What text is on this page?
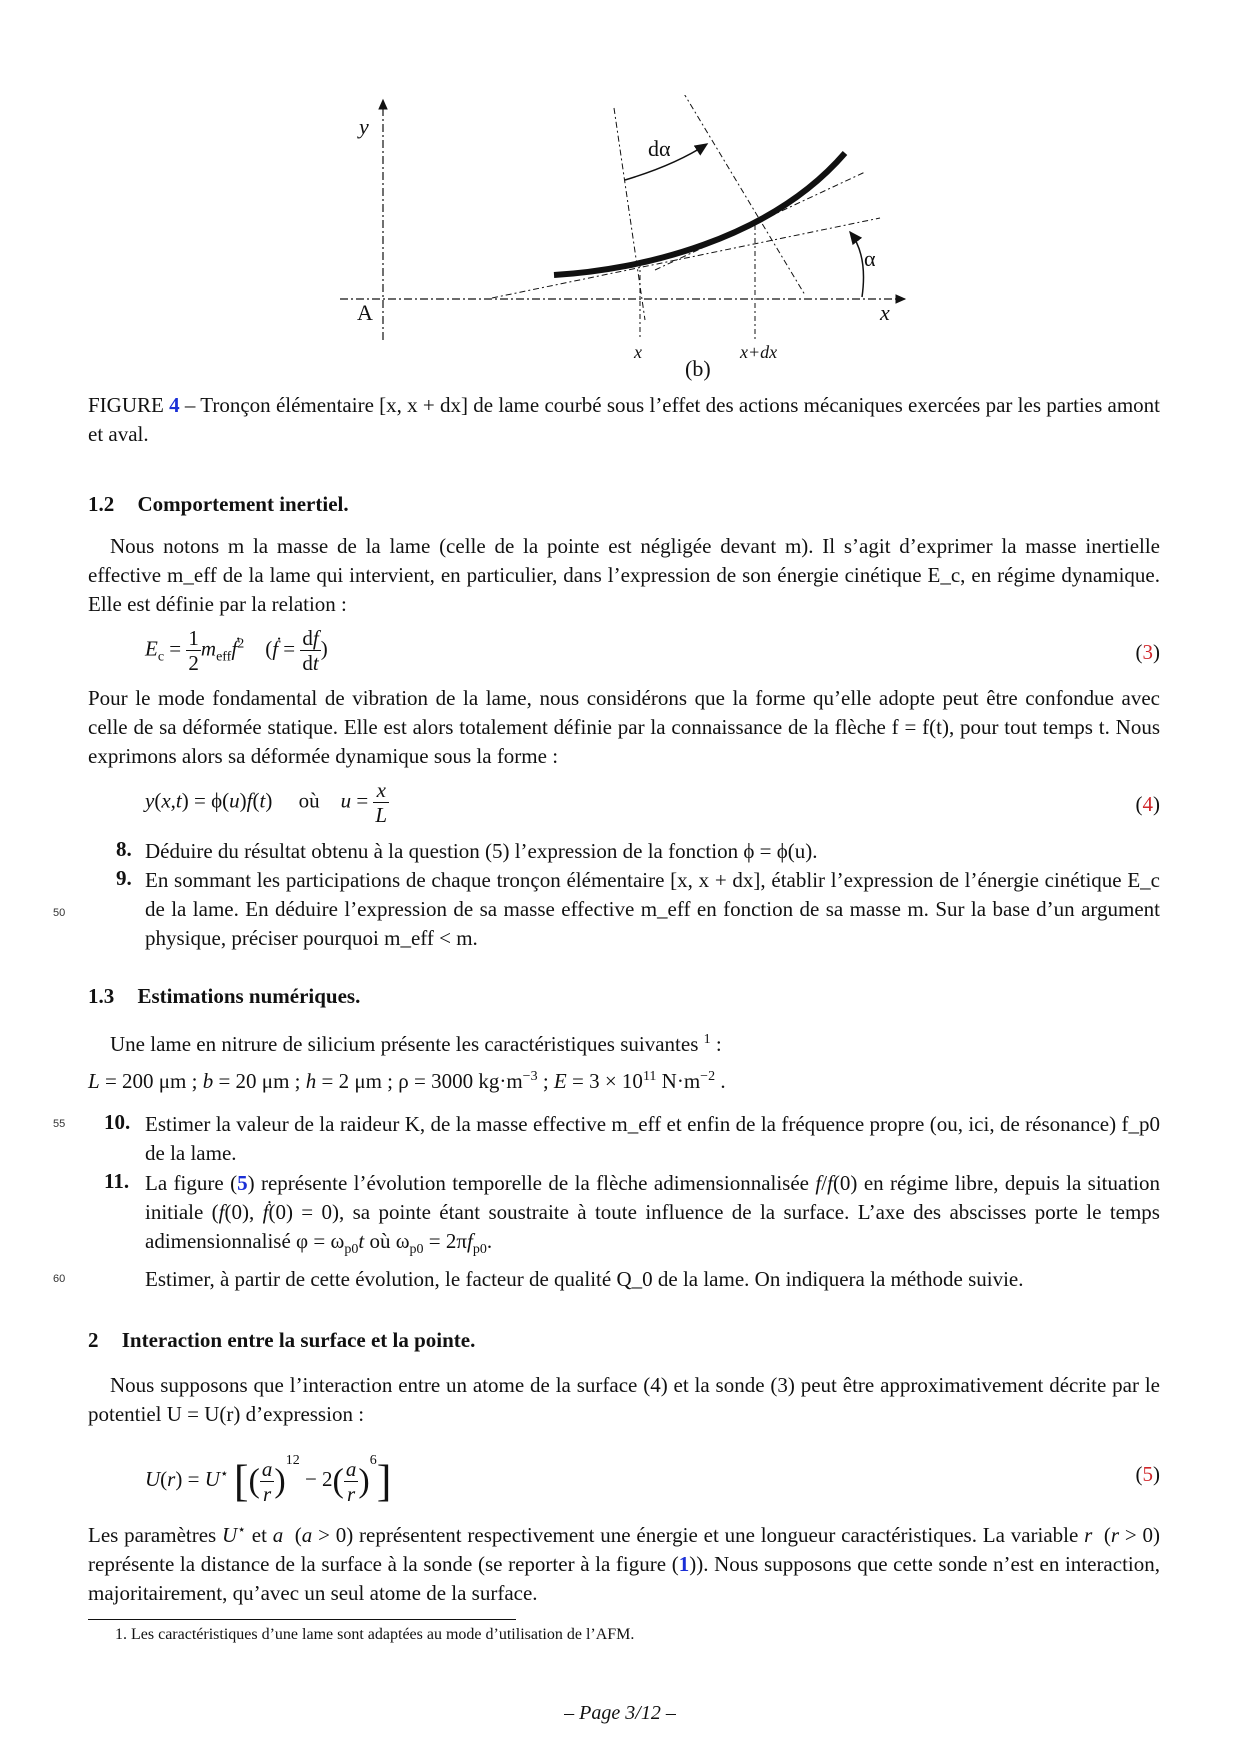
y
A	x
dα
α
x	x+dx
(b)
FIGURE 4 – Tronçon élémentaire [x, x + dx] de lame courbé sous l’effet des actions mécaniques exercées par les parties amont et aval.
1.2 Comportement inertiel.
Nous notons m la masse de la lame (celle de la pointe est négligée devant m). Il s’agit d’exprimer la masse inertielle effective m_eff de la lame qui intervient, en particulier, dans l’expression de son énergie cinétique E_c, en régime dynamique. Elle est définie par la relation :
$E_c = \frac{1}{2}$ $m_{eff}ḟ^2$    (ḟ = $\frac{df}{dt}$ )	(3)
Pour le mode fondamental de vibration de la lame, nous considérons que la forme qu’elle adopte peut être confondue avec celle de sa déformée statique. Elle est alors totalement définie par la connaissance de la flèche f = f(t), pour tout temps t. Nous exprimons alors sa déformée dynamique sous la forme :
y(x,t) = ϕ(u)f(t)     où    $u = \frac{x}{L}$	(4)
8. Déduire du résultat obtenu à la question (5) l’expression de la fonction ϕ = ϕ(u).
9. En sommant les participations de chaque tronçon élémentaire [x, x + dx], établir l’expression de l’énergie cinétique E_c de la lame. En déduire l’expression de sa masse effective m_eff en fonction de sa masse m. Sur la base d’un argument physique, préciser pourquoi m_eff < m.
50
1.3 Estimations numériques.
Une lame en nitrure de silicium présente les caractéristiques suivantes $^1$ :
L = 200 μm ; b = 20 μm ; h = 2 μm ; ρ = 3000 $kg\cdot m^{-3}$ ; $E = 3 \times 10^{11}$ $N\cdot m^{-2}$ .
55 10. Estimer la valeur de la raideur K, de la masse effective m_eff et enfin de la fréquence propre (ou, ici, de résonance) f_p0 de la lame.
11. La figure (5) représente l’évolution temporelle de la flèche adimensionnalisée f/f(0) en régime libre, depuis la situation initiale (f(0), ḟ(0) = 0), sa pointe étant soustraite à toute influence de la surface. L’axe des abscisses porte le temps adimensionnalisé $\varphi = \omega_{p0}t$ où $\omega_{p0} = 2\pi f_{p0}$.
60	Estimer, à partir de cette évolution, le facteur de qualité Q_0 de la lame. On indiquera la méthode suivie.
2 Interaction entre la surface et la pointe.
Nous supposons que l’interaction entre un atome de la surface (4) et la sonde (3) peut être approximativement décrite par le potentiel U = U(r) d’expression :
U(r) = U⋆ [( $\frac{a}{r} )^{12} - 2( \frac{a}{r} )^6$]	(5)
Les paramètres U⋆ et a  (a > 0) représentent respectivement une énergie et une longueur caractéristiques. La variable r  (r > 0) représente la distance de la surface à la sonde (se reporter à la figure (1)). Nous supposons que cette sonde n’est en interaction, majoritairement, qu’avec un seul atome de la surface.
1. Les caractéristiques d’une lame sont adaptées au mode d’utilisation de l’AFM.
– Page 3/12 –
